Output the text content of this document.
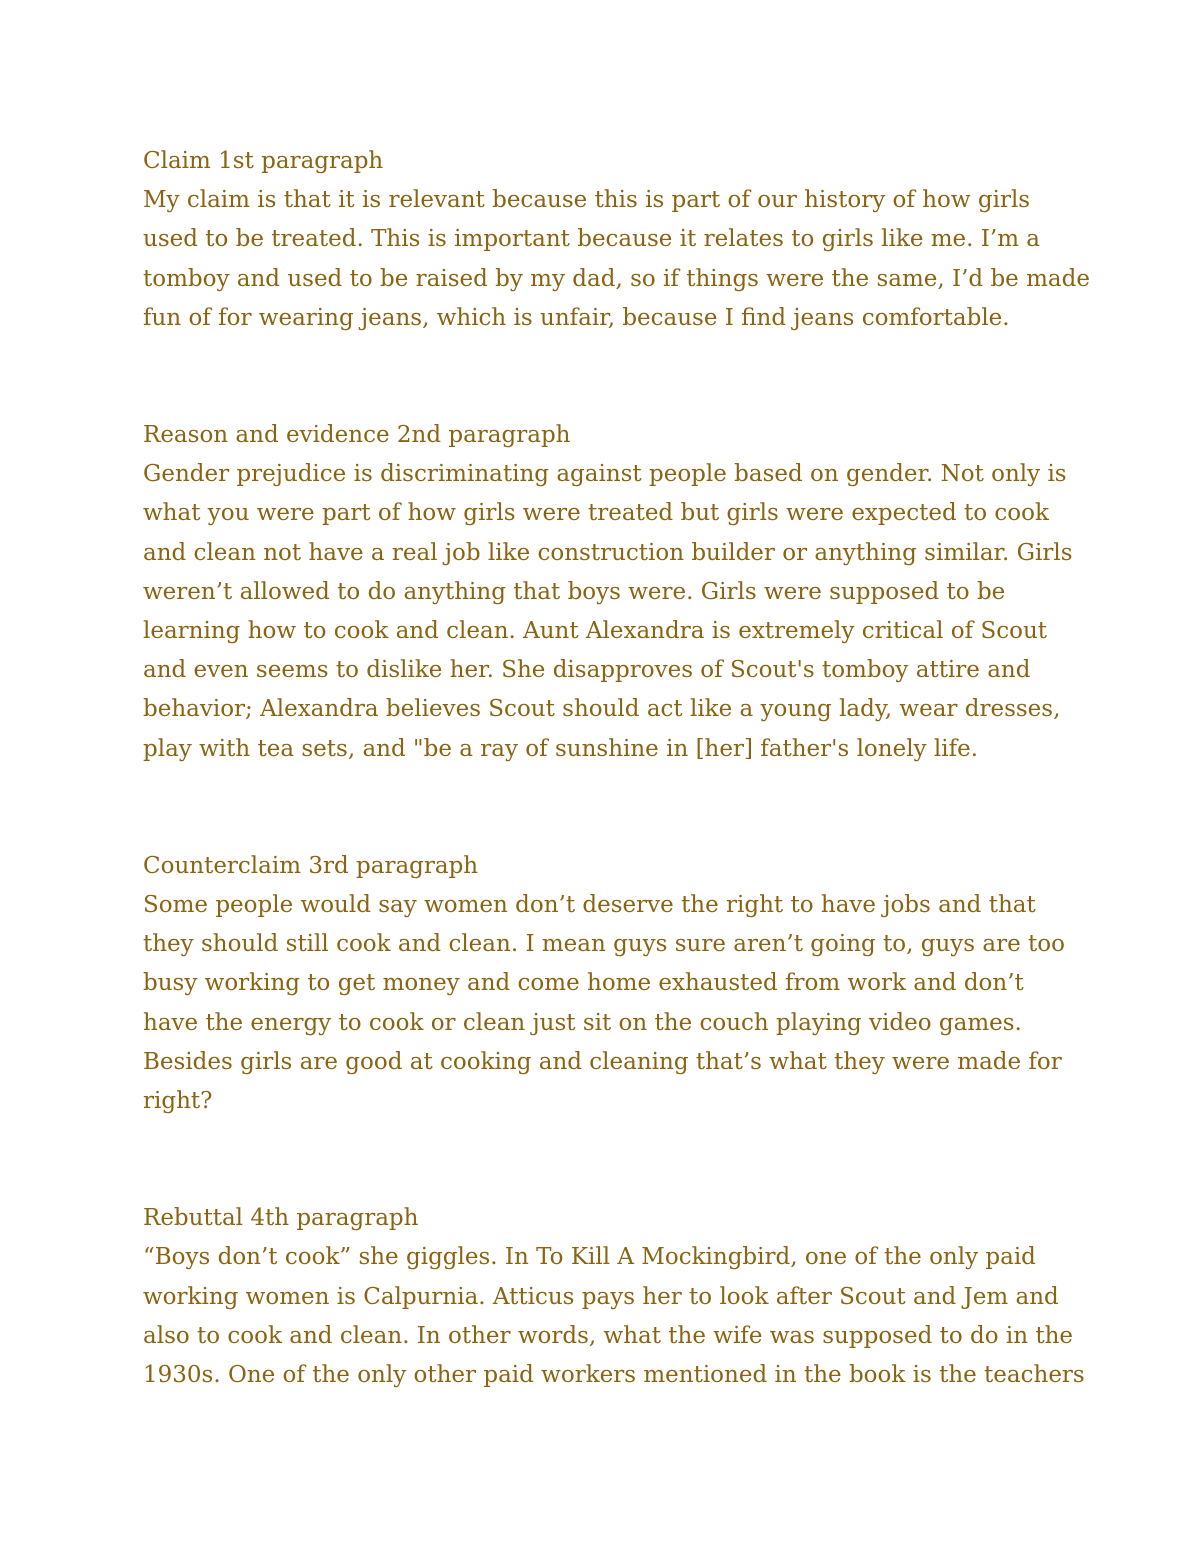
Claim 1st paragraph

My claim is that it is relevant because this is part of our history of how girls
used to be treated. This is important because it relates to girls like me. I’m a
tomboy and used to be raised by my dad, so if things were the same, I’d be made
fun of for wearing jeans, which is unfair, because I find jeans comfortable.

Reason and evidence 2nd paragraph

Gender prejudice is discriminating against people based on gender. Not only is
what you were part of how girls were treated but girls were expected to cook
and clean not have a real job like construction builder or anything similar. Girls
weren’t allowed to do anything that boys were. Girls were supposed to be
learning how to cook and clean. Aunt Alexandra is extremely critical of Scout
and even seems to dislike her. She disapproves of Scout's tomboy attire and
behavior; Alexandra believes Scout should act like a young lady, wear dresses,
play with tea sets, and "be a ray of sunshine in [her] father's lonely life.

Counterclaim 3rd paragraph

Some people would say women don’t deserve the right to have jobs and that
they should still cook and clean. I mean guys sure aren’t going to, guys are too
busy working to get money and come home exhausted from work and don’t
have the energy to cook or clean just sit on the couch playing video games.
Besides girls are good at cooking and cleaning that’s what they were made for
right?

Rebuttal 4th paragraph

“Boys don’t cook” she giggles. In To Kill A Mockingbird, one of the only paid
working women is Calpurnia. Atticus pays her to look after Scout and Jem and
also to cook and clean. In other words, what the wife was supposed to do in the
1930s. One of the only other paid workers mentioned in the book is the teachers
